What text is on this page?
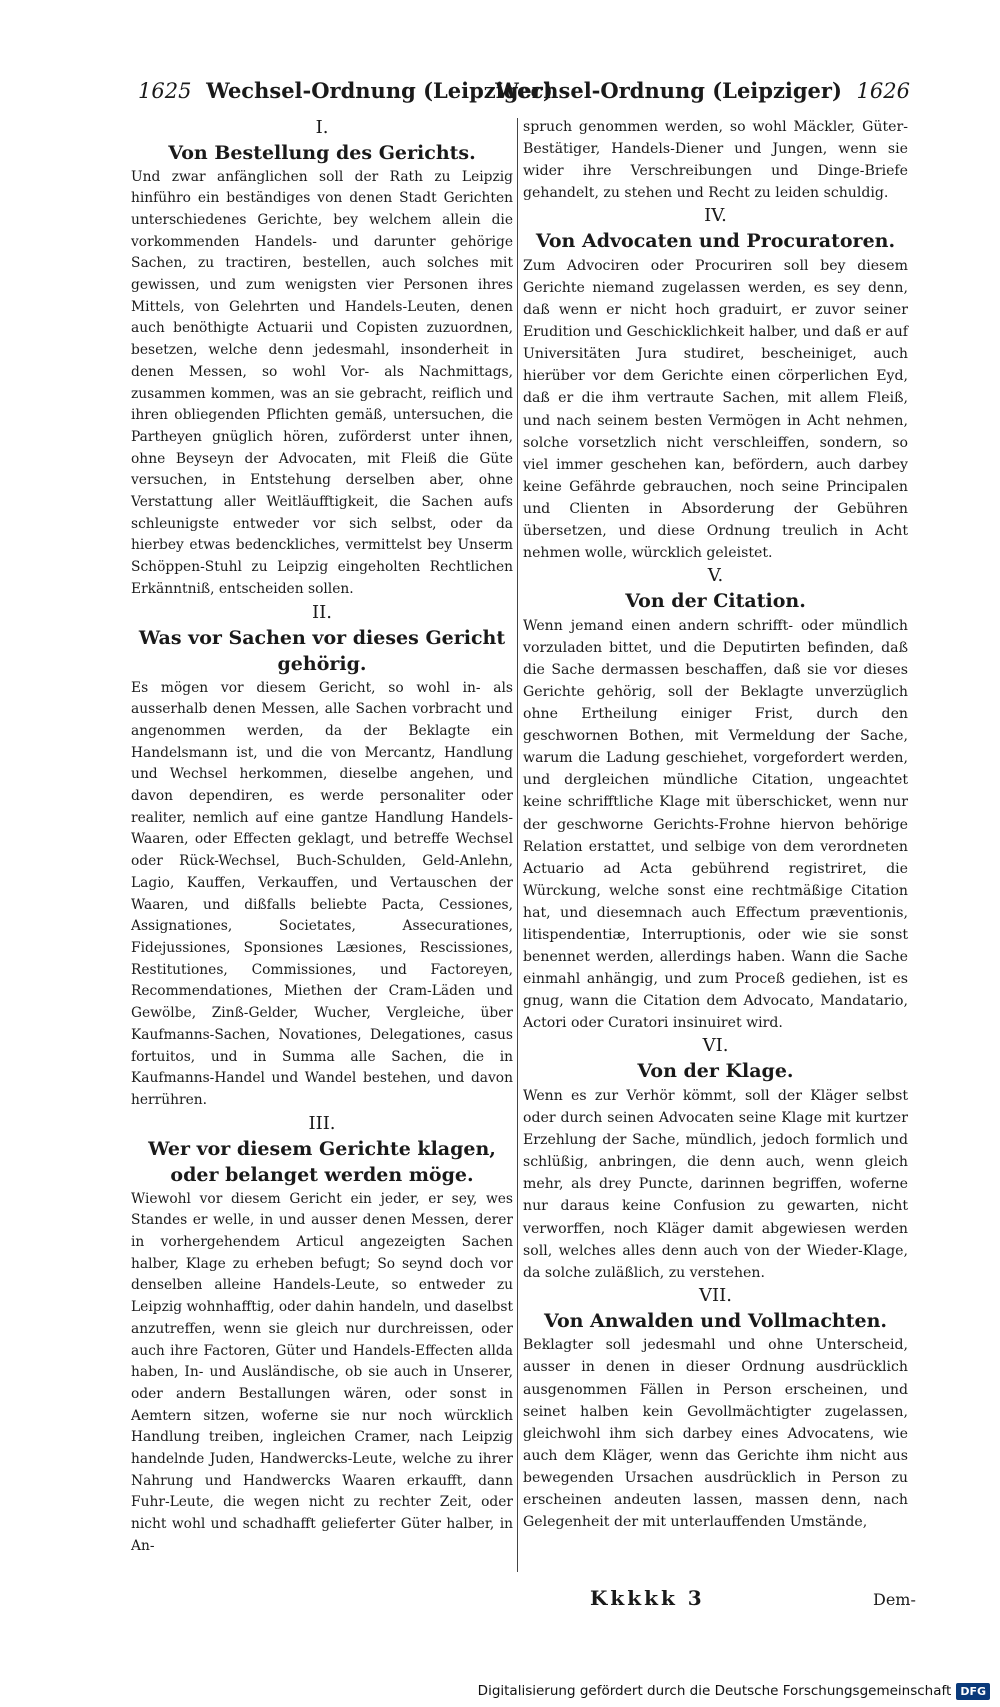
1625 Wechsel-Ordnung (Leipziger)
Wechsel-Ordnung (Leipziger) 1626
I.
Von Bestellung des Gerichts.

Und zwar anfänglichen soll der Rath zu Leipzig hinführo ein beständiges von denen Stadt Gerichten unterschiedenes Gerichte, bey welchem allein die vorkommenden Handels- und darunter gehörige Sachen, zu tractiren, bestellen, auch solches mit gewissen, und zum wenigsten vier Personen ihres Mittels, von Gelehrten und Handels-Leuten, denen auch benöthigte Actuarii und Copisten zuzuordnen, besetzen, welche denn jedesmahl, insonderheit in denen Messen, so wohl Vor- als Nachmittags, zusammen kommen, was an sie gebracht, reiflich und ihren obliegenden Pflichten gemäß, untersuchen, die Partheyen gnüglich hören, zuförderst unter ihnen, ohne Beyseyn der Advocaten, mit Fleiß die Güte versuchen, in Entstehung derselben aber, ohne Verstattung aller Weitläufftigkeit, die Sachen aufs schleunigste entweder vor sich selbst, oder da hierbey etwas bedenckliches, vermittelst bey Unserm Schöppen-Stuhl zu Leipzig eingeholten Rechtlichen Erkänntniß, entscheiden sollen.

II.
Was vor Sachen vor dieses Gericht gehörig.

Es mögen vor diesem Gericht, so wohl in- als ausserhalb denen Messen, alle Sachen vorbracht und angenommen werden, da der Beklagte ein Handelsmann ist, und die von Mercantz, Handlung und Wechsel herkommen, dieselbe angehen, und davon dependiren, es werde personaliter oder realiter, nemlich auf eine gantze Handlung Handels-Waaren, oder Effecten geklagt, und betreffe Wechsel oder Rück-Wechsel, Buch-Schulden, Geld-Anlehn, Lagio, Kauffen, Verkauffen, und Vertauschen der Waaren, und dißfalls beliebte Pacta, Cessiones, Assignationes, Societates, Assecurationes, Fidejussiones, Sponsiones Læsiones, Rescissiones, Restitutiones, Commissiones, und Factoreyen, Recommendationes, Miethen der Cram-Läden und Gewölbe, Zinß-Gelder, Wucher, Vergleiche, über Kaufmanns-Sachen, Novationes, Delegationes, casus fortuitos, und in Summa alle Sachen, die in Kaufmanns-Handel und Wandel bestehen, und davon herrühren.

III.
Wer vor diesem Gerichte klagen, oder belanget werden möge.

Wiewohl vor diesem Gericht ein jeder, er sey, wes Standes er welle, in und ausser denen Messen, derer in vorhergehendem Articul angezeigten Sachen halber, Klage zu erheben befugt; So seynd doch vor denselben alleine Handels-Leute, so entweder zu Leipzig wohnhafftig, oder dahin handeln, und daselbst anzutreffen, wenn sie gleich nur durchreissen, oder auch ihre Factoren, Güter und Handels-Effecten allda haben, In- und Ausländische, ob sie auch in Unserer, oder andern Bestallungen wären, oder sonst in Aemtern sitzen, woferne sie nur noch würcklich Handlung treiben, ingleichen Cramer, nach Leipzig handelnde Juden, Handwercks-Leute, welche zu ihrer Nahrung und Handwercks Waaren erkaufft, dann Fuhr-Leute, die wegen nicht zu rechter Zeit, oder nicht wohl und schadhafft gelieferter Güter halber, in An-

spruch genommen werden, so wohl Mäckler, Güter-Bestätiger, Handels-Diener und Jungen, wenn sie wider ihre Verschreibungen und Dinge-Briefe gehandelt, zu stehen und Recht zu leiden schuldig.

IV.
Von Advocaten und Procuratoren.

Zum Advociren oder Procuriren soll bey diesem Gerichte niemand zugelassen werden, es sey denn, daß wenn er nicht hoch graduirt, er zuvor seiner Erudition und Geschicklichkeit halber, und daß er auf Universitäten Jura studiret, bescheiniget, auch hierüber vor dem Gerichte einen cörperlichen Eyd, daß er die ihm vertraute Sachen, mit allem Fleiß, und nach seinem besten Vermögen in Acht nehmen, solche vorsetzlich nicht verschleiffen, sondern, so viel immer geschehen kan, befördern, auch darbey keine Gefährde gebrauchen, noch seine Principalen und Clienten in Absorderung der Gebühren übersetzen, und diese Ordnung treulich in Acht nehmen wolle, würcklich geleistet.

V.
Von der Citation.

Wenn jemand einen andern schrifft- oder mündlich vorzuladen bittet, und die Deputirten befinden, daß die Sache dermassen beschaffen, daß sie vor dieses Gerichte gehörig, soll der Beklagte unverzüglich ohne Ertheilung einiger Frist, durch den geschwornen Bothen, mit Vermeldung der Sache, warum die Ladung geschiehet, vorgefordert werden, und dergleichen mündliche Citation, ungeachtet keine schrifftliche Klage mit überschicket, wenn nur der geschworne Gerichts-Frohne hiervon behörige Relation erstattet, und selbige von dem verordneten Actuario ad Acta gebührend registriret, die Würckung, welche sonst eine rechtmäßige Citation hat, und diesemnach auch Effectum præventionis, litispendentiæ, Interruptionis, oder wie sie sonst benennet werden, allerdings haben. Wann die Sache einmahl anhängig, und zum Proceß gediehen, ist es gnug, wann die Citation dem Advocato, Mandatario, Actori oder Curatori insinuiret wird.

VI.
Von der Klage.

Wenn es zur Verhör kömmt, soll der Kläger selbst oder durch seinen Advocaten seine Klage mit kurtzer Erzehlung der Sache, mündlich, jedoch formlich und schlüßig, anbringen, die denn auch, wenn gleich mehr, als drey Puncte, darinnen begriffen, woferne nur daraus keine Confusion zu gewarten, nicht verworffen, noch Kläger damit abgewiesen werden soll, welches alles denn auch von der Wieder-Klage, da solche zuläßlich, zu verstehen.

VII.
Von Anwalden und Vollmachten.

Beklagter soll jedesmahl und ohne Unterscheid, ausser in denen in dieser Ordnung ausdrücklich ausgenommen Fällen in Person erscheinen, und seinet halben kein Gevollmächtigter zugelassen, gleichwohl ihm sich darbey eines Advocatens, wie auch dem Kläger, wenn das Gerichte ihm nicht aus bewegenden Ursachen ausdrücklich in Person zu erscheinen andeuten lassen, massen denn, nach Gelegenheit der mit unterlauffenden Umstände,

Kkkkk 3	Dem-
Digitalisierung gefördert durch die Deutsche Forschungsgemeinschaft DFG
